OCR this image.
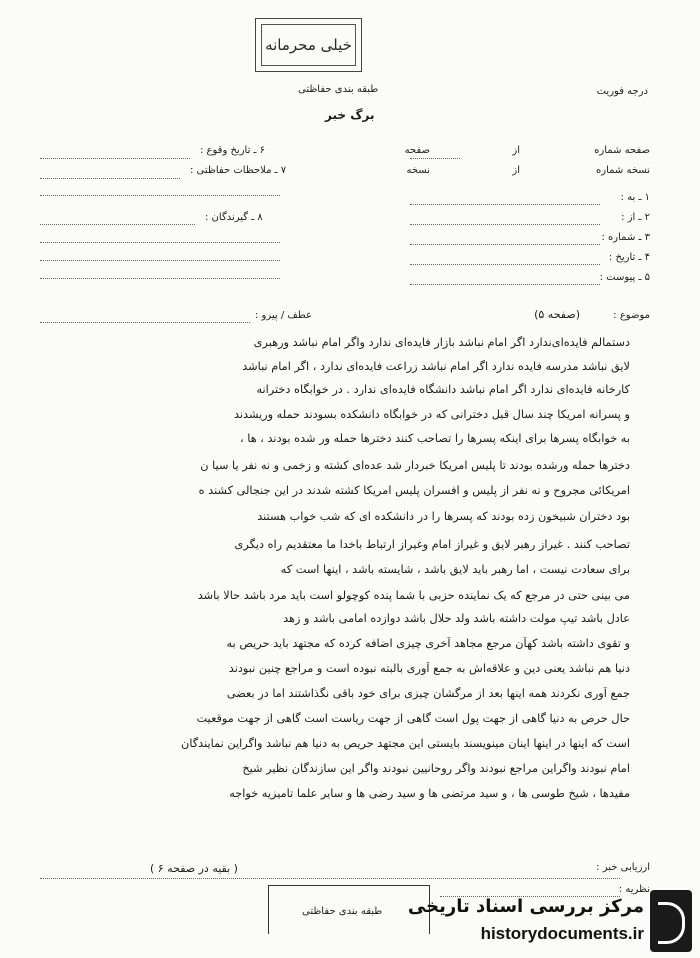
خیلی محرمانه
طبقه بندی حفاظتی	درجه فوریت
برگ خبر
صفحه شماره
از
صفحه
نسخه شماره
از
نسخه
۱ ـ به :
۲ ـ از :
۳ ـ شماره :
۴ ـ تاریخ :
۵ ـ پیوست :
۶ ـ تاریخ وقوع :
۷ ـ ملاحظات حفاظتی :
۸ ـ گیرندگان :
موضوع :
(صفحه ۵)
عطف / پیرو :
دستمالم فایده‌ای‌ندارد اگر امام نباشد بازار فایده‌ای ندارد واگر امام نباشد ورهبری
لایق نباشد مدرسه فایده ندارد اگر امام نباشد زراعت فایده‌ای ندارد ، اگر امام نباشد
کارخانه فایده‌ای ندارد اگر امام نباشد دانشگاه فایده‌ای ندارد . در خوابگاه دخترانه
و پسرانه امریکا چند سال قبل دخترانی که در خوابگاه دانشکده بسودند حمله وریشدند
به خوابگاه پسرها برای اینکه پسرها را تصاحب کنند دخترها حمله ور شده بودند ، ها ،
دخترها حمله ورشده بودند تا پلیس امریکا خبردار شد عده‌ای کشته و زخمی و نه نفر یا سیا ن
امریکائی مجروح و نه نفر از پلیس و افسران پلیس امریکا کشته شدند در این جنجالی کشند ه
بود دختران شبیخون زده بودند که پسرها را در دانشکده ای که شب خواب هستند
تصاحب کنند . غیراز رهبر لایق و غیراز امام وغیراز ارتباط باخدا ما معتقدیم راه دیگری
برای سعادت نیست ، اما رهبر باید لایق باشد ، شایسته باشد ، اینها است که
می بینی حتی در مرجع که یک نماینده حزبی با شما پنده کوچولو است باید مرد باشد حالا باشد
عادل باشد تیپ مولت داشته باشد ولد حلال باشد دوازده امامی باشد و زهد
و تقوی داشته باشد کهآن مرجع مجاهد آخری چیزی اضافه کرده که مجتهد باید حریص به
دنیا هم نباشد یعنی دین و علاقه‌اش به جمع آوری بالبته نبوده است و مراجع چنین نبودند
جمع آوری نکردند همه اینها بعد از مرگشان چیزی برای خود باقی نگذاشتند اما در بعضی
حال حرص به دنیا گاهی از جهت پول است گاهی از جهت ریاست است گاهی از جهت موقعیت
است که اینها در اینها اینان مینویسند بایستی این مجتهد حریص به دنیا هم نباشد واگراین نمایندگان
امام نبودند واگراین مراجع نبودند واگر روحانیین نبودند واگر این سازندگان نظیر شیخ
مفیدها ، شیخ طوسی ها ، و سید مرتضی ها و سید رضی ها و سایر علما تامیزیه خواجه
( بقیه در صفحه ۶ )	ارزیابی خبر :
نظریه :
طبقه بندی حفاظتی مرکز بررسی اسناد تاریخی
historydocuments.ir
